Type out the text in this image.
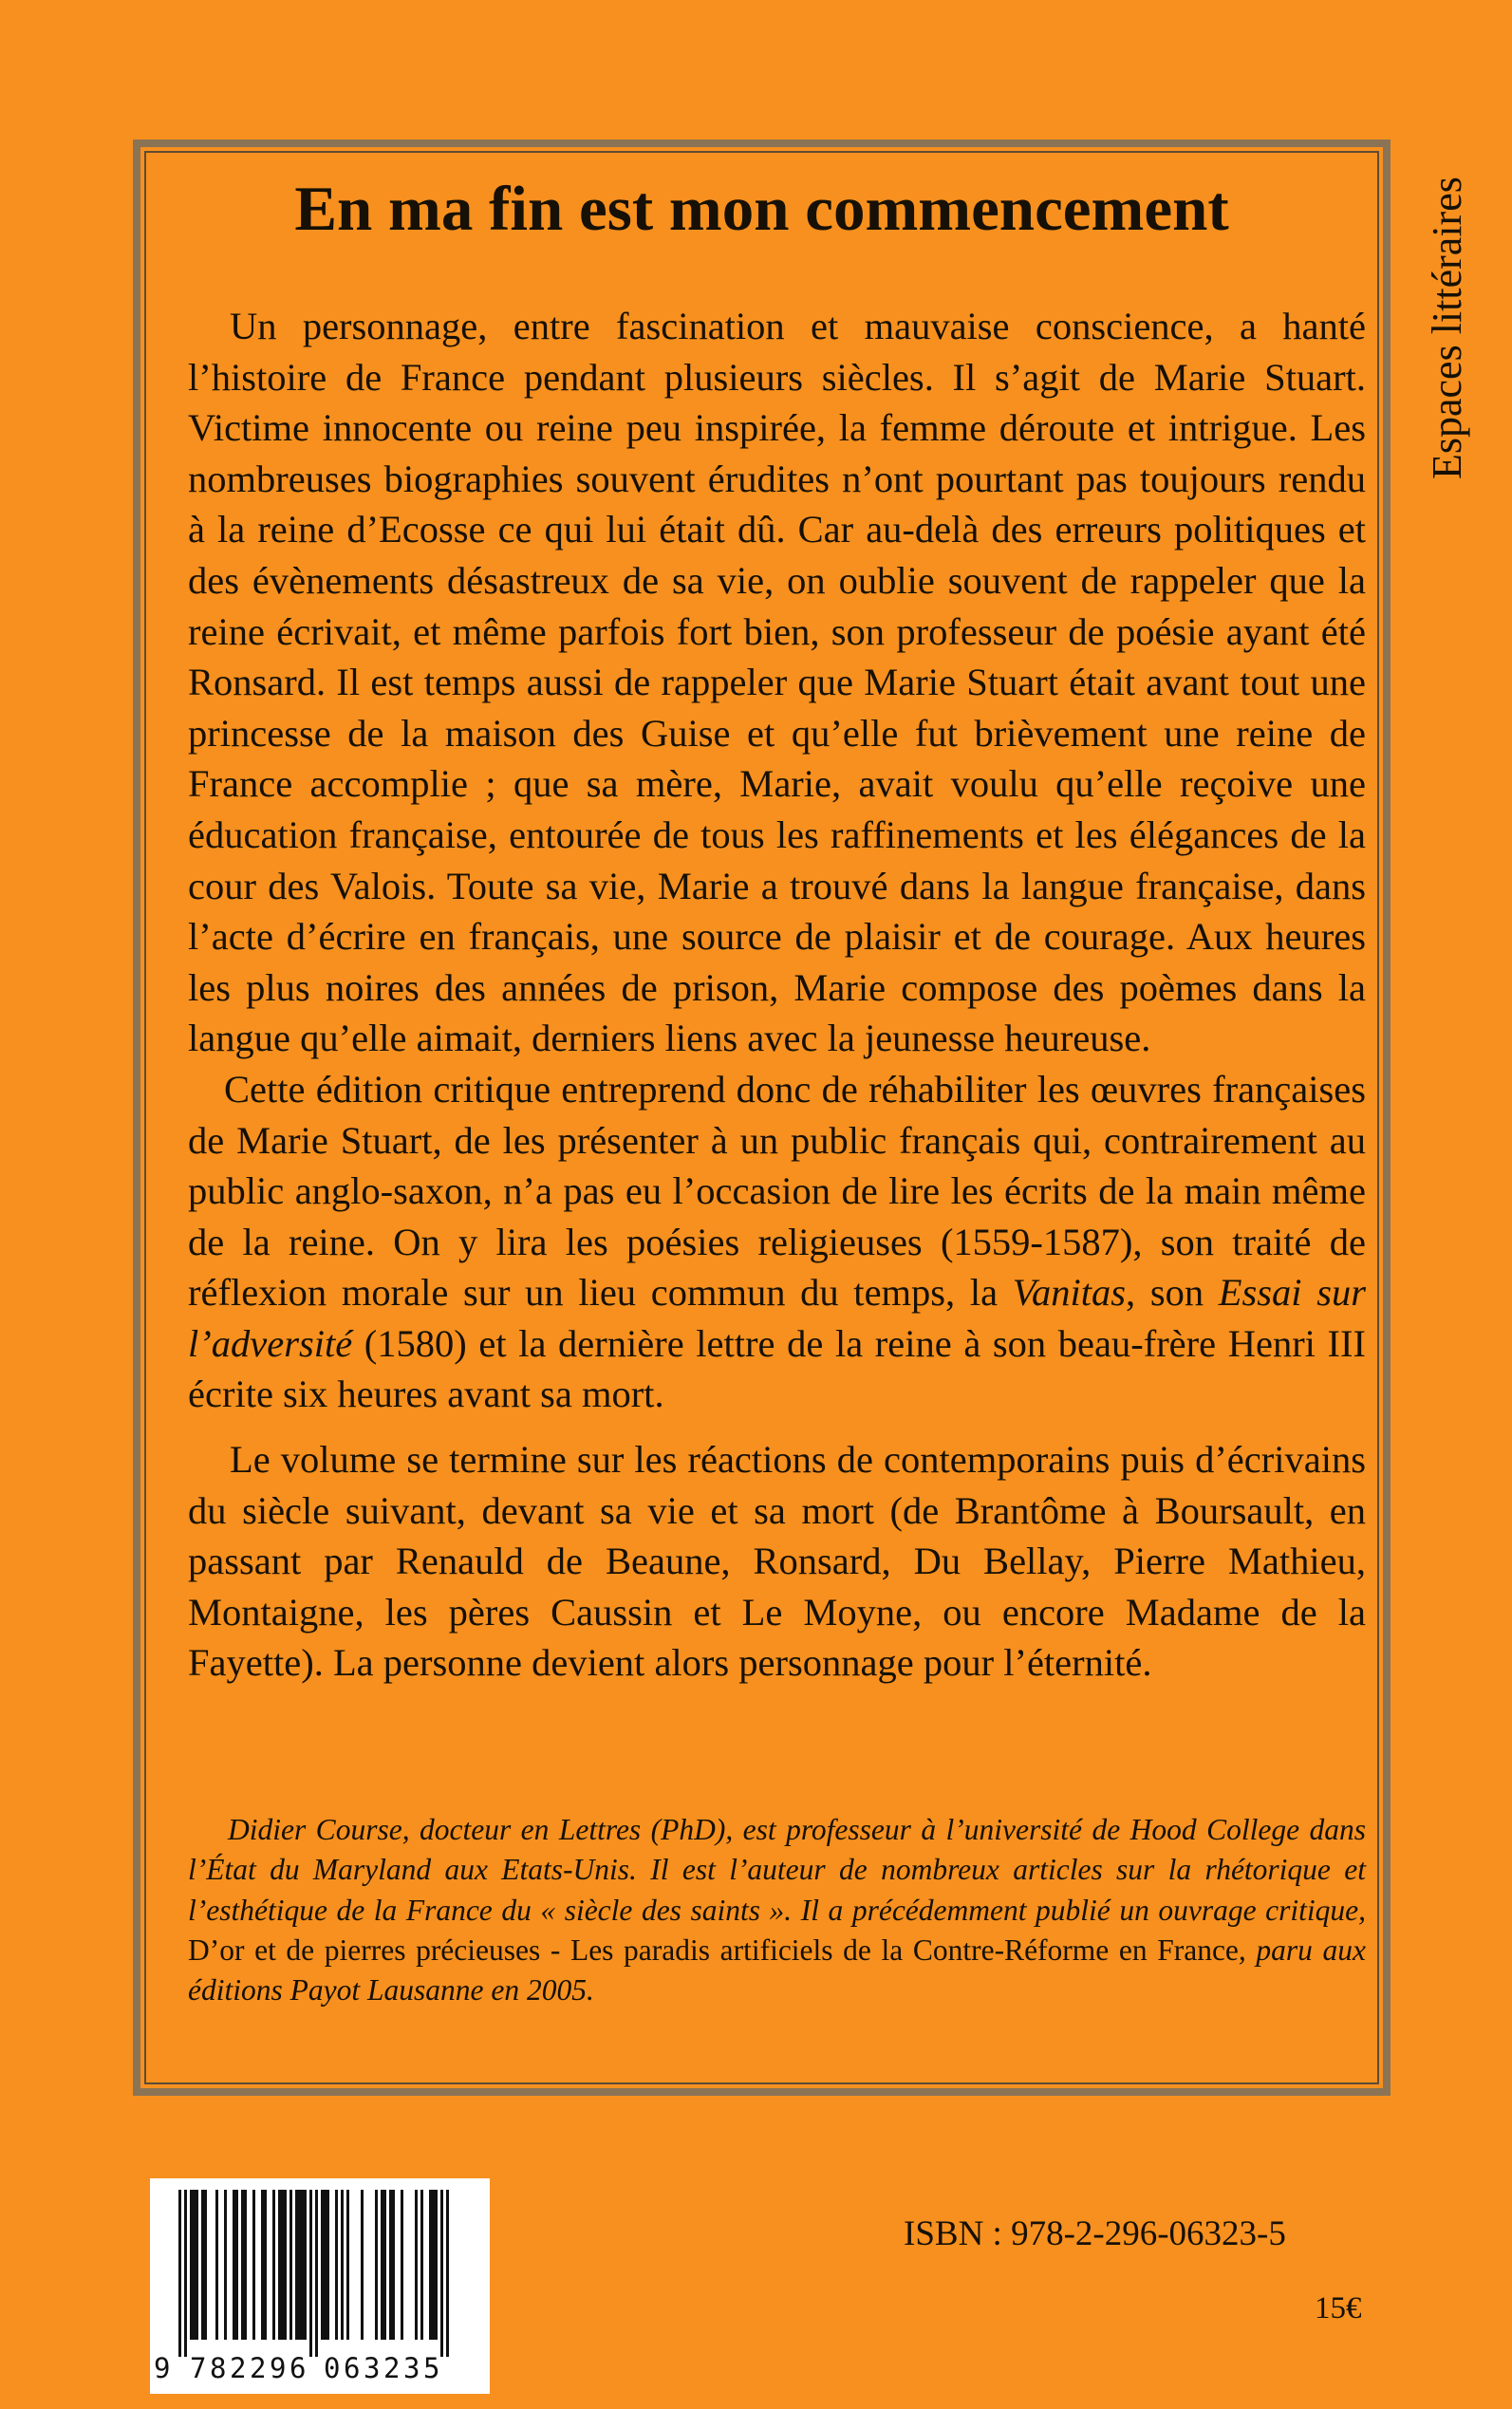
Espaces littéraires
En ma fin est mon commencement

Un personnage, entre fascination et mauvaise conscience, a hanté l’histoire de France pendant plusieurs siècles. Il s’agit de Marie Stuart. Victime innocente ou reine peu inspirée, la femme déroute et intrigue. Les nombreuses biographies souvent érudites n’ont pourtant pas toujours rendu à la reine d’Ecosse ce qui lui était dû. Car au-delà des erreurs politiques et des évènements désastreux de sa vie, on oublie souvent de rappeler que la reine écrivait, et même parfois fort bien, son professeur de poésie ayant été Ronsard. Il est temps aussi de rappeler que Marie Stuart était avant tout une princesse de la maison des Guise et qu’elle fut brièvement une reine de France accomplie ; que sa mère, Marie, avait voulu qu’elle reçoive une éducation française, entourée de tous les raffinements et les élégances de la cour des Valois. Toute sa vie, Marie a trouvé dans la langue française, dans l’acte d’écrire en français, une source de plaisir et de courage. Aux heures les plus noires des années de prison, Marie compose des poèmes dans la langue qu’elle aimait, derniers liens avec la jeunesse heureuse.

Cette édition critique entreprend donc de réhabiliter les œuvres françaises de Marie Stuart, de les présenter à un public français qui, contrairement au public anglo-saxon, n’a pas eu l’occasion de lire les écrits de la main même de la reine. On y lira les poésies religieuses (1559-1587), son traité de réflexion morale sur un lieu commun du temps, la Vanitas, son Essai sur l’adversité (1580) et la dernière lettre de la reine à son beau-frère Henri III écrite six heures avant sa mort.

Le volume se termine sur les réactions de contemporains puis d’écrivains du siècle suivant, devant sa vie et sa mort (de Brantôme à Boursault, en passant par Renauld de Beaune, Ronsard, Du Bellay, Pierre Mathieu, Montaigne, les pères Caussin et Le Moyne, ou encore Madame de la Fayette). La personne devient alors personnage pour l’éternité.

Didier Course, docteur en Lettres (PhD), est professeur à l’université de Hood College dans l’État du Maryland aux Etats-Unis. Il est l’auteur de nombreux articles sur la rhétorique et l’esthétique de la France du « siècle des saints ». Il a précédemment publié un ouvrage critique, D’or et de pierres précieuses - Les paradis artificiels de la Contre-Réforme en France, paru aux éditions Payot Lausanne en 2005.

9 7 8 2 2 9 6 0 6 3 2 3 5
ISBN : 978-2-296-06323-5
15€
